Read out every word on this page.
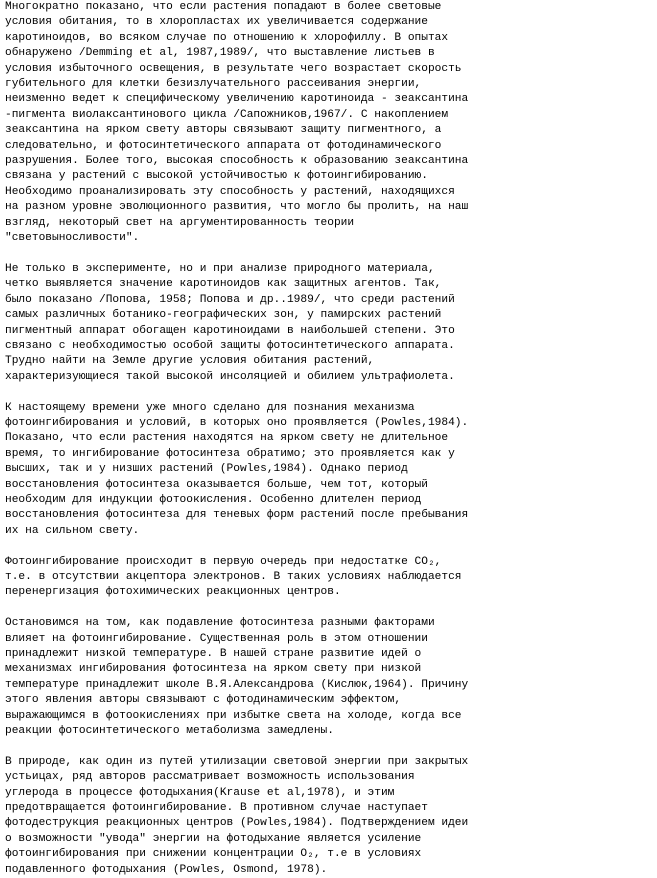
Многократно показано, что если растения попадают в более световые
условия обитания, то в хлоропластах их увеличивается содержание
каротиноидов, во всяком случае по отношению к хлорофиллу. В опытах
обнаружено /Demming et al, 1987,1989/, что выставление листьев в
условия избыточного освещения, в результате чего возрастает скорость
губительного для клетки безизлучательного рассеивания энергии,
неизменно ведет к специфическому увеличению каротиноида - зеаксантина
-пигмента виолаксантинового цикла /Сапожников,1967/. С накоплением
зеаксантина на ярком свету авторы связывают защиту пигментного, а
следовательно, и фотосинтетического аппарата от фотодинамического
разрушения. Более того, высокая способность к образованию зеаксантина
связана у растений с высокой устойчивостью к фотоингибированию.
Необходимо проанализировать эту способность у растений, находящихся
на разном уровне эволюционного развития, что могло бы пролить, на наш
взгляд, некоторый свет на аргументированность теории
"световыносливости".
Не только в эксперименте, но и при анализе природного материала,
четко выявляется значение каротиноидов как защитных агентов. Так,
было показано /Попова, 1958; Попова и др..1989/, что среди растений
самых различных ботанико-географических зон, у памирских растений
пигментный аппарат обогащен каротиноидами в наибольшей степени. Это
связано с необходимостью особой защиты фотосинтетического аппарата.
Трудно найти на Земле другие условия обитания растений,
характеризующиеся такой высокой инсоляцией и обилием ультрафиолета.
К настоящему времени уже много сделано для познания механизма
фотоингибирования и условий, в которых оно проявляется (Powles,1984).
Показано, что если растения находятся на ярком свету не длительное
время, то ингибирование фотосинтеза обратимо; это проявляется как у
высших, так и у низших растений (Powles,1984). Однако период
восстановления фотосинтеза оказывается больше, чем тот, который
необходим для индукции фотоокисления. Особенно длителен период
восстановления фотосинтеза для теневых форм растений после пребывания
их на сильном свету.
Фотоингибирование происходит в первую очередь при недостатке CO₂,
т.е. в отсутствии акцептора электронов. В таких условиях наблюдается
перенергизация фотохимических реакционных центров.
Остановимся на том, как подавление фотосинтеза разными факторами
влияет на фотоингибирование. Существенная роль в этом отношении
принадлежит низкой температуре. В нашей стране развитие идей о
механизмах ингибирования фотосинтеза на ярком свету при низкой
температуре принадлежит школе В.Я.Александрова (Кислюк,1964). Причину
этого явления авторы связывают с фотодинамическим эффектом,
выражающимся в фотоокислениях при избытке света на холоде, когда все
реакции фотосинтетического метаболизма замедлены.
В природе, как один из путей утилизации световой энергии при закрытых
устьицах, ряд авторов рассматривает возможность использования
углерода в процессе фотодыхания(Krause et al,1978), и этим
предотвращается фотоингибирование. В противном случае наступает
фотодеструкция реакционных центров (Powles,1984). Подтверждением идеи
о возможности "увода" энергии на фотодыхание является усиление
фотоингибирования при снижении концентрации O₂, т.е в условиях
подавленного фотодыхания (Powles, Osmond, 1978).
